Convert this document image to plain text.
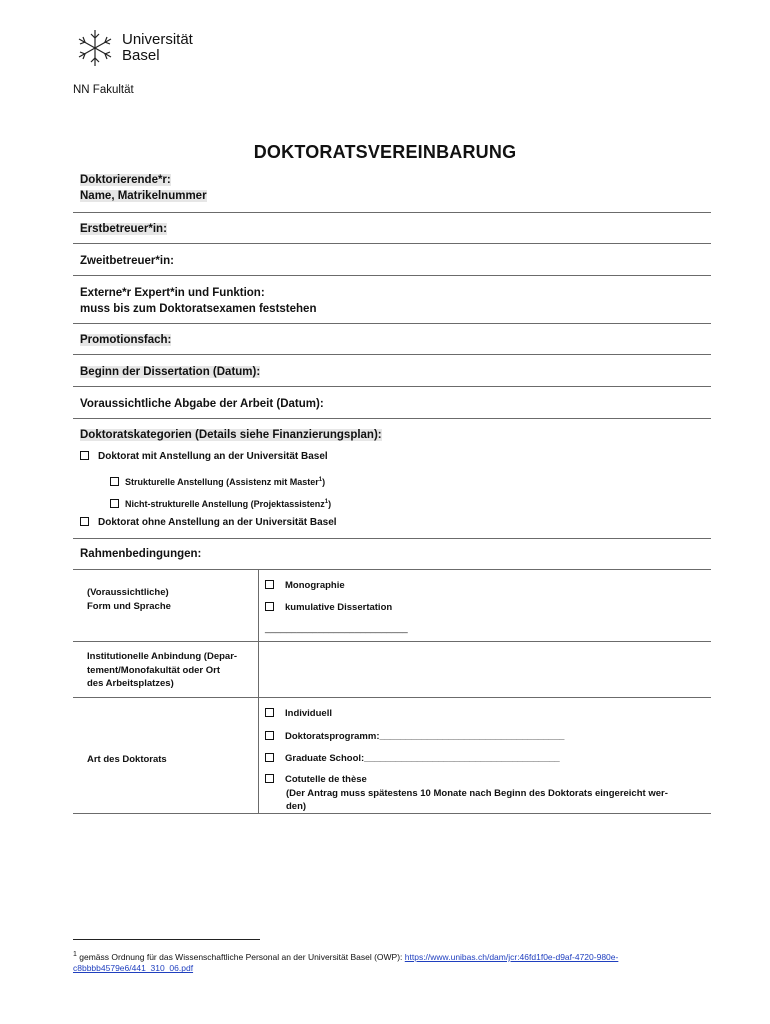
Universität
Basel
NN Fakultät
DOKTORATSVEREINBARUNG
Doktorierende*r:
Name, Matrikelnummer
Erstbetreuer*in:
Zweitbetreuer*in:
Externe*r Expert*in und Funktion:
muss bis zum Doktoratsexamen feststehen
Promotionsfach:
Beginn der Dissertation (Datum):
Voraussichtliche Abgabe der Arbeit (Datum):
Doktoratskategorien (Details siehe Finanzierungsplan):
Doktorat mit Anstellung an der Universität Basel
Strukturelle Anstellung (Assistenz mit Master$^1$)
Nicht-strukturelle Anstellung (Projektassistenz$^1$)
Doktorat ohne Anstellung an der Universität Basel
Rahmenbedingungen:
(Voraussichtliche)
Form und Sprache
Monographie
kumulative Dissertation
___________________________
Institutionelle Anbindung (Depar-
tement/Monofakultät oder Ort
des Arbeitsplatzes)
Art des Doktorats
Individuell
Doktoratsprogramm:___________________________________
Graduate School:_____________________________________
Cotutelle de thèse
(Der Antrag muss spätestens 10 Monate nach Beginn des Doktorats eingereicht wer-
den)
$^1$ gemäss Ordnung für das Wissenschaftliche Personal an der Universität Basel (OWP): https://www.unibas.ch/dam/jcr:46fd1f0e-d9af-4720-980e-
c8bbbb4579e6/441_310_06.pdf
